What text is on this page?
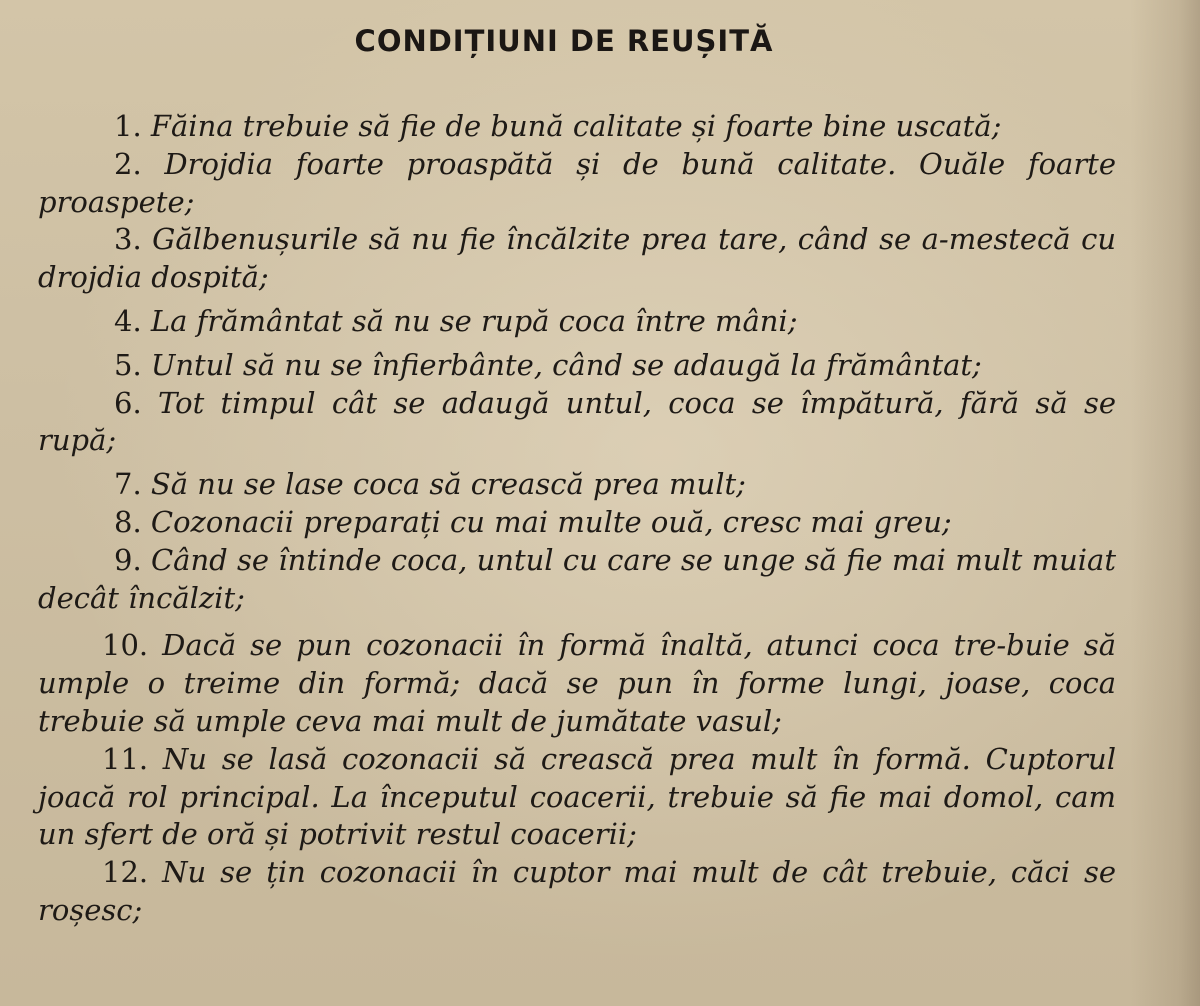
CONDIȚIUNI DE REUȘITĂ

1. Făina trebuie să fie de bună calitate și foarte bine uscată;

2. Drojdia foarte proaspătă și de bună calitate. Ouăle foarte proaspete;

3. Gălbenușurile să nu fie încălzite prea tare, când se a-mestecă cu drojdia dospită;

4. La frământat să nu se rupă coca între mâni;

5. Untul să nu se înfierbânte, când se adaugă la frământat;

6. Tot timpul cât se adaugă untul, coca se împătură, fără să se rupă;

7. Să nu se lase coca să crească prea mult;

8. Cozonacii preparați cu mai multe ouă, cresc mai greu;

9. Când se întinde coca, untul cu care se unge să fie mai mult muiat decât încălzit;

10. Dacă se pun cozonacii în formă înaltă, atunci coca tre-buie să umple o treime din formă; dacă se pun în forme lungi, joase, coca trebuie să umple ceva mai mult de jumătate vasul;

11. Nu se lasă cozonacii să crească prea mult în formă. Cuptorul joacă rol principal. La începutul coacerii, trebuie să fie mai domol, cam un sfert de oră și potrivit restul coacerii;

12. Nu se țin cozonacii în cuptor mai mult de cât trebuie, căci se roșesc;
